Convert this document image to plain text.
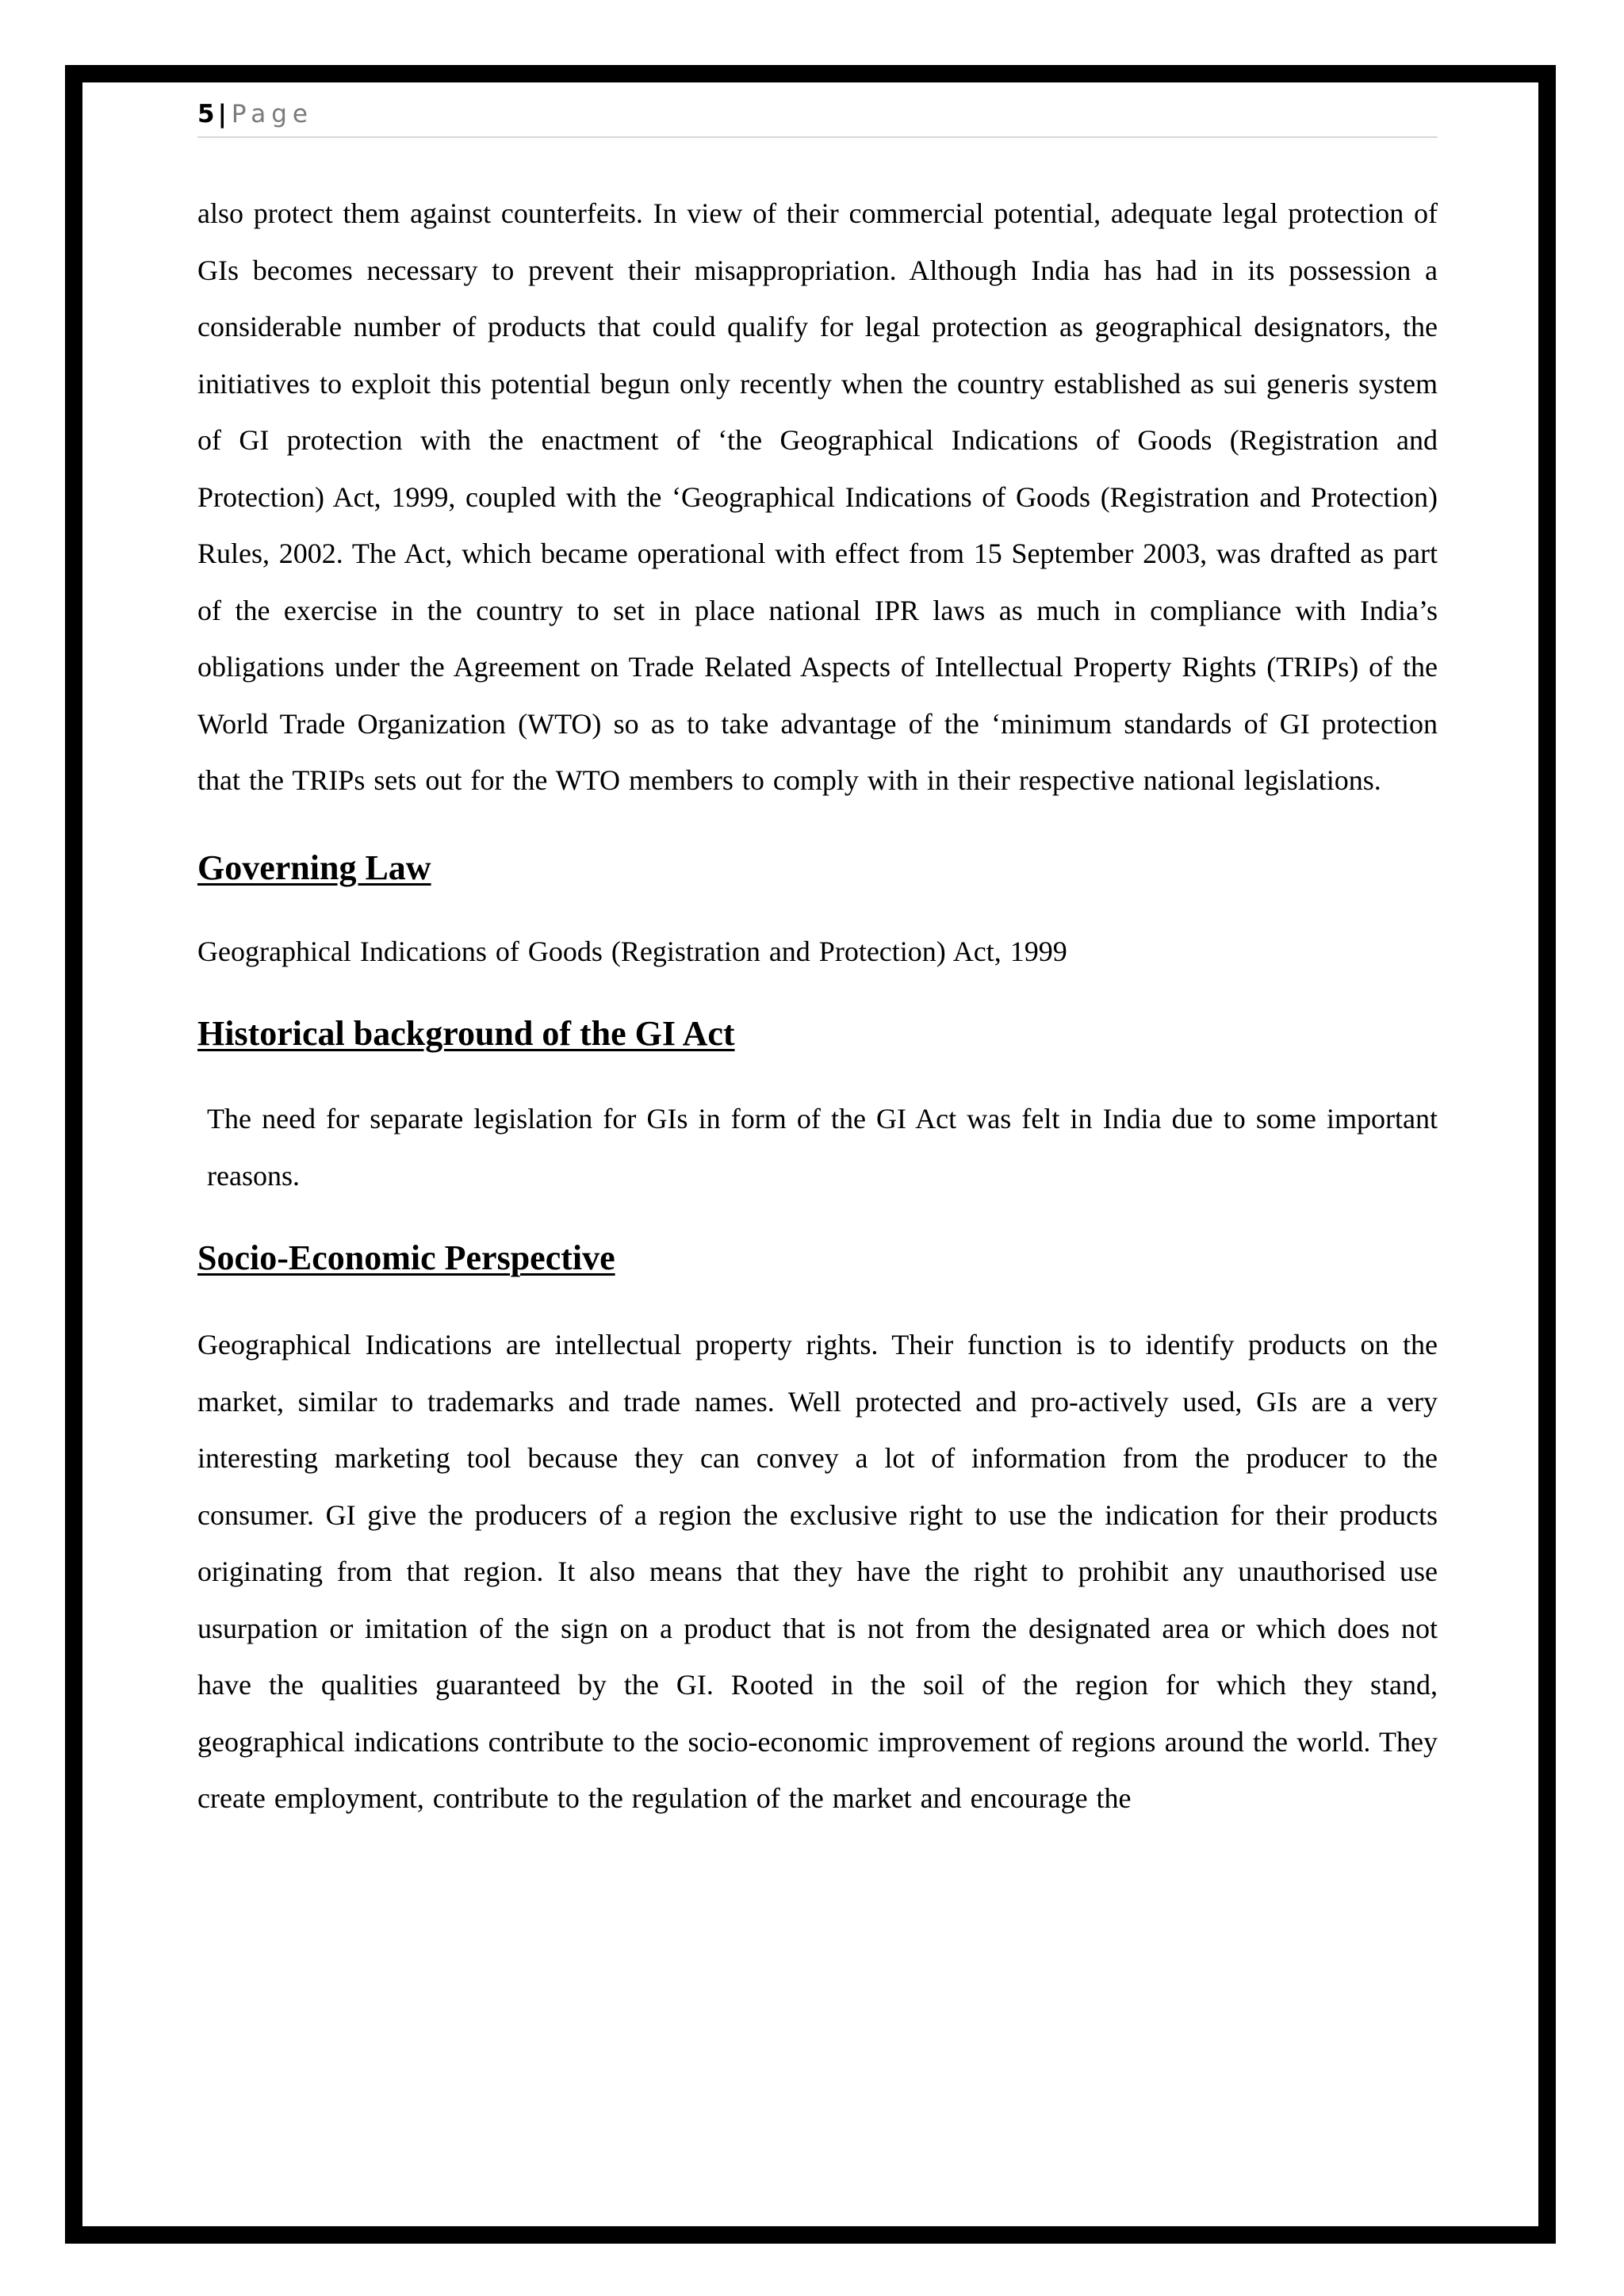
5 | Page

also protect them against counterfeits. In view of their commercial potential, adequate legal protection of GIs becomes necessary to prevent their misappropriation. Although India has had in its possession a considerable number of products that could qualify for legal protection as geographical designators, the initiatives to exploit this potential begun only recently when the country established as sui generis system of GI protection with the enactment of ‘the Geographical Indications of Goods (Registration and Protection) Act, 1999, coupled with the ‘Geographical Indications of Goods (Registration and Protection) Rules, 2002. The Act, which became operational with effect from 15 September 2003, was drafted as part of the exercise in the country to set in place national IPR laws as much in compliance with India’s obligations under the Agreement on Trade Related Aspects of Intellectual Property Rights (TRIPs) of the World Trade Organization (WTO) so as to take advantage of the ‘minimum standards of GI protection that the TRIPs sets out for the WTO members to comply with in their respective national legislations.

Governing Law

Geographical Indications of Goods (Registration and Protection) Act, 1999

Historical background of the GI Act

The need for separate legislation for GIs in form of the GI Act was felt in India due to some important reasons.

Socio-Economic Perspective

Geographical Indications are intellectual property rights. Their function is to identify products on the market, similar to trademarks and trade names. Well protected and pro-actively used, GIs are a very interesting marketing tool because they can convey a lot of information from the producer to the consumer. GI give the producers of a region the exclusive right to use the indication for their products originating from that region. It also means that they have the right to prohibit any unauthorised use usurpation or imitation of the sign on a product that is not from the designated area or which does not have the qualities guaranteed by the GI. Rooted in the soil of the region for which they stand, geographical indications contribute to the socio-economic improvement of regions around the world. They create employment, contribute to the regulation of the market and encourage the
